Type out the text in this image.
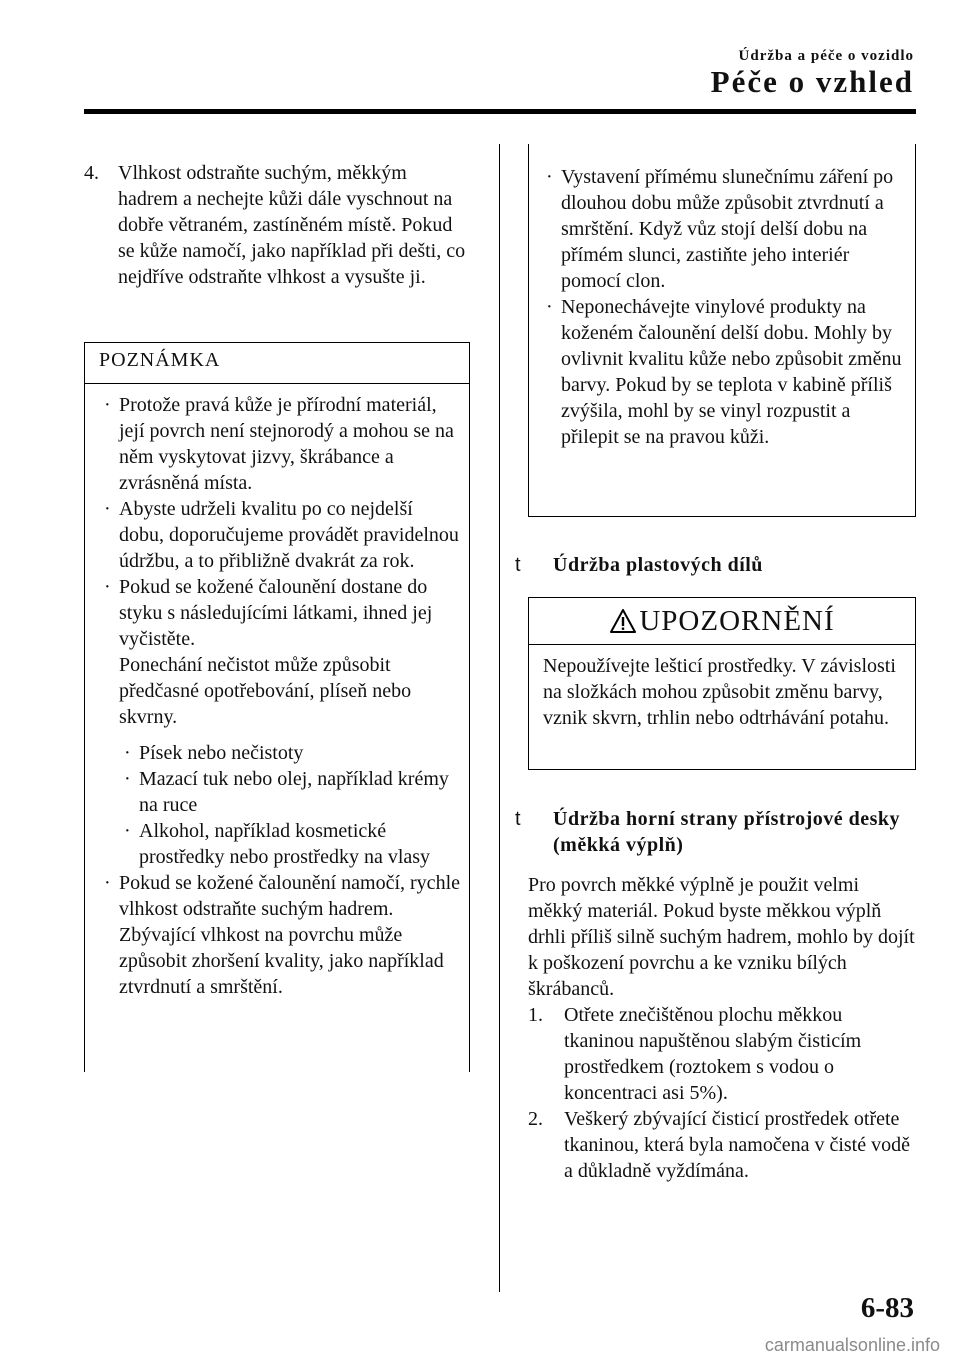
Údržba a péče o vozidlo
Péče o vzhled
4. Vlhkost odstraňte suchým, měkkým hadrem a nechejte kůži dále vyschnout na dobře větraném, zastíněném místě. Pokud se kůže namočí, jako například při dešti, co nejdříve odstraňte vlhkost a vysušte ji.
POZNÁMKA
· Protože pravá kůže je přírodní materiál, její povrch není stejnorodý a mohou se na něm vyskytovat jizvy, škrábance a zvrásněná místa.
· Abyste udrželi kvalitu po co nejdelší dobu, doporučujeme provádět pravidelnou údržbu, a to přibližně dvakrát za rok.
· Pokud se kožené čalounění dostane do styku s následujícími látkami, ihned jej vyčistěte.
Ponechání nečistot může způsobit předčasné opotřebování, plíseň nebo skvrny.
· Písek nebo nečistoty
· Mazací tuk nebo olej, například krémy na ruce
· Alkohol, například kosmetické prostředky nebo prostředky na vlasy
· Pokud se kožené čalounění namočí, rychle vlhkost odstraňte suchým hadrem. Zbývající vlhkost na povrchu může způsobit zhoršení kvality, jako například ztvrdnutí a smrštění.
· Vystavení přímému slunečnímu záření po dlouhou dobu může způsobit ztvrdnutí a smrštění. Když vůz stojí delší dobu na přímém slunci, zastiňte jeho interiér pomocí clon.
· Neponechávejte vinylové produkty na koženém čalounění delší dobu. Mohly by ovlivnit kvalitu kůže nebo způsobit změnu barvy. Pokud by se teplota v kabině příliš zvýšila, mohl by se vinyl rozpustit a přilepit se na pravou kůži.
t	Údržba plastových dílů
UPOZORNĚNÍ
Nepoužívejte lešticí prostředky. V závislosti na složkách mohou způsobit změnu barvy, vznik skvrn, trhlin nebo odtrhávání potahu.
t	Údržba horní strany přístrojové desky (měkká výplň)
Pro povrch měkké výplně je použit velmi měkký materiál. Pokud byste měkkou výplň drhli příliš silně suchým hadrem, mohlo by dojít k poškození povrchu a ke vzniku bílých škrábanců.
1. Otřete znečištěnou plochu měkkou tkaninou napuštěnou slabým čisticím prostředkem (roztokem s vodou o koncentraci asi 5%).
2. Veškerý zbývající čisticí prostředek otřete tkaninou, která byla namočena v čisté vodě a důkladně vyždímána.
6-83
carmanualsonline.info
